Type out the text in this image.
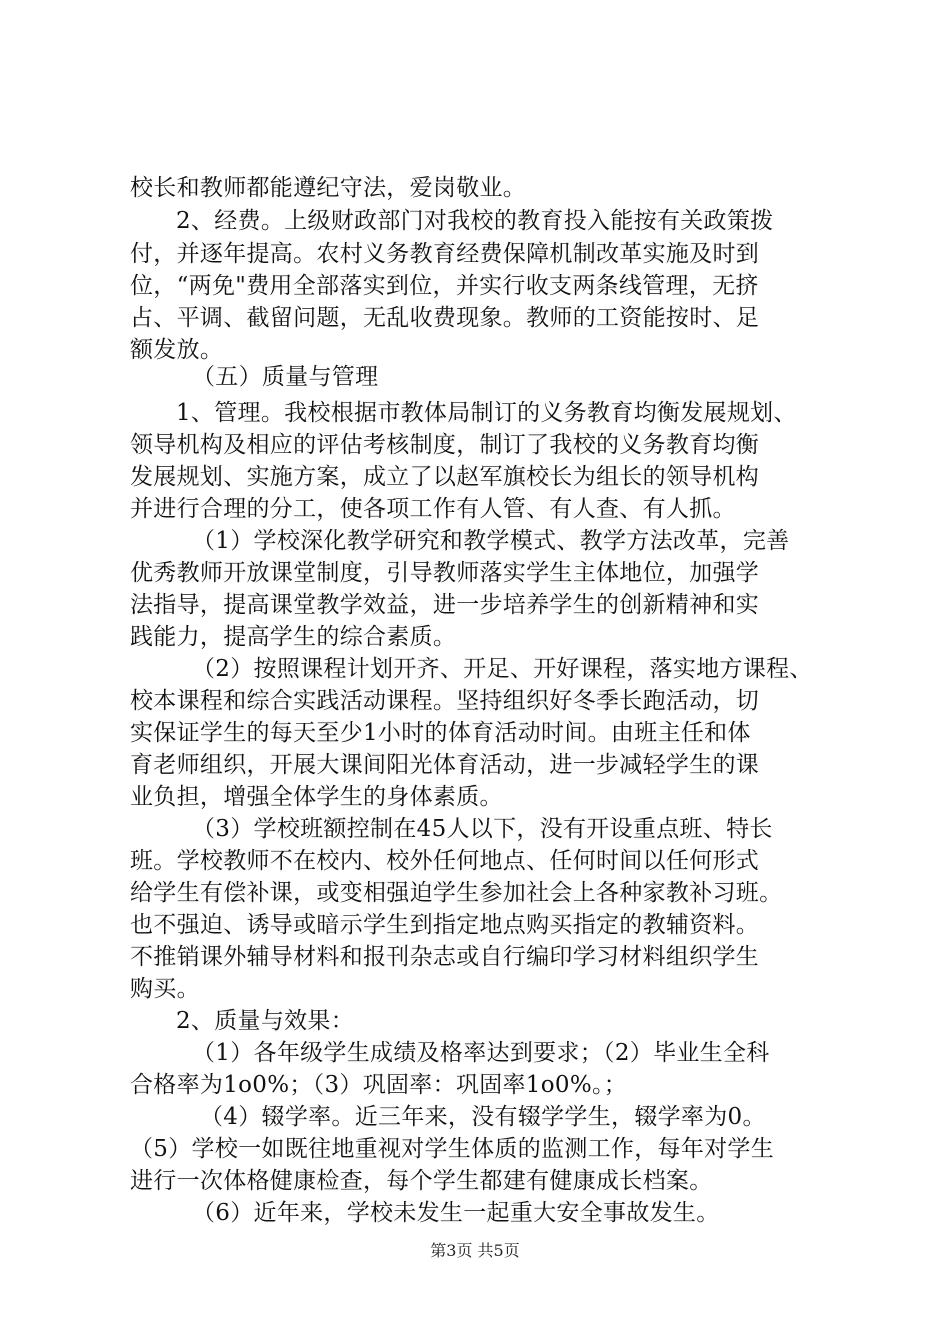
校长和教师都能遵纪守法，爱岗敬业。
2、经费。上级财政部门对我校的教育投入能按有关政策拨
付，并逐年提高。农村义务教育经费保障机制改革实施及时到
位，“两免"费用全部落实到位，并实行收支两条线管理，无挤
占、平调、截留问题，无乱收费现象。教师的工资能按时、足
额发放。
（五）质量与管理
1、管理。我校根据市教体局制订的义务教育均衡发展规划、
领导机构及相应的评估考核制度，制订了我校的义务教育均衡
发展规划、实施方案，成立了以赵军旗校长为组长的领导机构
并进行合理的分工，使各项工作有人管、有人查、有人抓。
（1）学校深化教学研究和教学模式、教学方法改革，完善
优秀教师开放课堂制度，引导教师落实学生主体地位，加强学
法指导，提高课堂教学效益，进一步培养学生的创新精神和实
践能力，提高学生的综合素质。
（2）按照课程计划开齐、开足、开好课程，落实地方课程、
校本课程和综合实践活动课程。坚持组织好冬季长跑活动，切
实保证学生的每天至少1小时的体育活动时间。由班主任和体
育老师组织，开展大课间阳光体育活动，进一步减轻学生的课
业负担，增强全体学生的身体素质。
（3）学校班额控制在45人以下，没有开设重点班、特长
班。学校教师不在校内、校外任何地点、任何时间以任何形式
给学生有偿补课，或变相强迫学生参加社会上各种家教补习班。
也不强迫、诱导或暗示学生到指定地点购买指定的教辅资料。
不推销课外辅导材料和报刊杂志或自行编印学习材料组织学生
购买。
2、质量与效果：
（1）各年级学生成绩及格率达到要求；（2）毕业生全科
合格率为1o0%；（3）巩固率：巩固率1o0%。；
（4）辍学率。近三年来，没有辍学学生，辍学率为0。
（5）学校一如既往地重视对学生体质的监测工作，每年对学生
进行一次体格健康检查，每个学生都建有健康成长档案。
（6）近年来，学校未发生一起重大安全事故发生。
第3页 共5页
